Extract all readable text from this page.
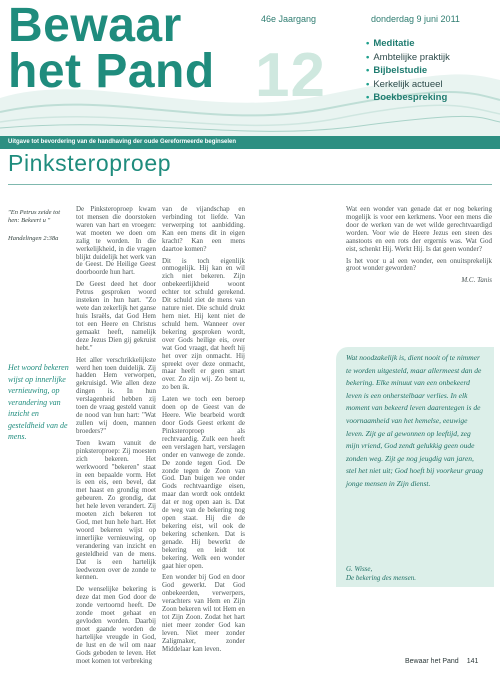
Bewaar
het Pand 12
46e Jaargang	donderdag 9 juni 2011
• Meditatie
• Ambtelijke praktijk
• Bijbelstudie
• Kerkelijk actueel
• Boekbespreking
Uitgave tot bevordering van de handhaving der oude Gereformeerde beginselen
Pinksteroproep
"En Petrus zeide tot hen: Bekeert u "
Handelingen 2:38a
Het woord bekeren wijst op innerlijke vernieuwing, op verandering van inzicht en gesteldheid van de mens.

De Pinksteroproep kwam tot mensen die doorstoken waren van hart en vroegen: wat moeten we doen om zalig te worden. In die werkelijkheid, in die vragen blijkt duidelijk het werk van de Geest. De Heilige Geest doorboorde hun hart.

De Geest deed het door Petrus gesproken woord insteken in hun hart. "Zo wete dan zekerlijk het ganse huis Israëls, dat God Hem tot een Heere en Christus gemaakt heeft, namelijk deze Jezus Dien gij gekruist hebt."

Het aller verschrikkelijkste werd hen toen duidelijk. Zij hadden Hem verworpen, gekruisigd. Wie allen deze dingen is. In hun verslagenheid hebben zij toen de vraag gesteld vanuit de nood van hun hart: "Wat zullen wij doen, mannen broeders?"

Toen kwam vanuit de pinksteroproep: Zij moesten zich bekeren. Het werkwoord "bekeren" staat in een bepaalde vorm. Het is een eis, een bevel, dat met haast en grondig moet gebeuren. Zo grondig, dat het hele leven verandert. Zij moeten zich bekeren tot God, met hun hele hart. Het woord bekeren wijst op innerlijke vernieuwing, op verandering van inzicht en gesteldheid van de mens. Dat is een hartelijk leedwezen over de zonde te kennen.

De wenselijke bekering is deze dat men God door de zonde vertoornd heeft. De zonde moet gehaat en gevloden worden. Daarbij moet gaande worden de hartelijke vreugde in God, de lust en de wil om naar Gods geboden te leven. Het moet komen tot verbreking

van de vijandschap en verbinding tot liefde. Van verwerping tot aanbidding. Kan een mens dit in eigen kracht? Kan een mens daartoe komen?

Dit is toch eigenlijk onmogelijk. Hij kan en wil zich niet bekeren. Zijn onbekeerlijkheid woont echter tot schuld gerekend. Dit schuld ziet de mens van nature niet. Die schuld drukt hem niet. Hij kent niet de schuld hem. Wanneer over bekering gesproken wordt, over Gods heilige eis, over wat God vraagt, dat heeft hij het over zijn onmacht. Hij spreekt over deze onmacht, maar heeft er geen smart over. Zo zijn wij. Zo bent u, zo ben ik.

Laten we toch een beroep doen op de Geest van de Heere. Wie bearbeid wordt door Gods Geest erkent de Pinksteroproep als rechtvaardig. Zulk een heeft een verslagen hart, verslagen onder en vanwege de zonde. De zonde tegen God. De zonde tegen de Zoon van God. Dan buigen we onder Gods rechtvaardige eisen, maar dan wordt ook ontdekt dat er nog open aan is. Dat de weg van de bekering nog open staat. Hij die de bekering eist, wil ook de bekering schenken. Dat is genade. Hij bewerkt de bekering en leidt tot bekering. Welk een wonder gaat hier open.

Een wonder bij God en door God gewerkt. Dat God onbekeerden, verwerpers, verachters van Hem en Zijn Zoon bekeren wil tot Hem en tot Zijn Zoon. Zodat het hart niet meer zonder God kan leven. Niet meer zonder Zaligmaker, zonder Middelaar kan leven.

Wat een wonder van genade dat er nog bekering mogelijk is voor een kerkmens. Voor een mens die door de werken van de wet wilde gerechtvaardigd worden. Voor wie de Heere Jezus een steen des aanstoots en een rots der ergernis was. Wat God eist, schenkt Hij. Werkt Hij. Is dat geen wonder?

Is het voor u al een wonder, een onuitsprekelijk groot wonder geworden?

M.C. Tanis
Wat noodzakelijk is, dient nooit of te nimmer te worden uitgesteld, maar allermeest dan de bekering. Elke minuut van een onbekeerd leven is een onherstelbaar verlies. In elk moment van bekeerd leven daarentegen is de voornaamheid van het hemelse, eeuwige leven. Zijt ge al gewonnen op leeftijd, zeg mijn vriend, God zendt gelukkig geen oude zonden weg. Zijt ge nog jeugdig van jaren, stel het niet uit; God hoeft bij voorkeur graag jonge mensen in Zijn dienst.
G. Wisse,
De bekering des mensen.
Bewaar het Pand 141
